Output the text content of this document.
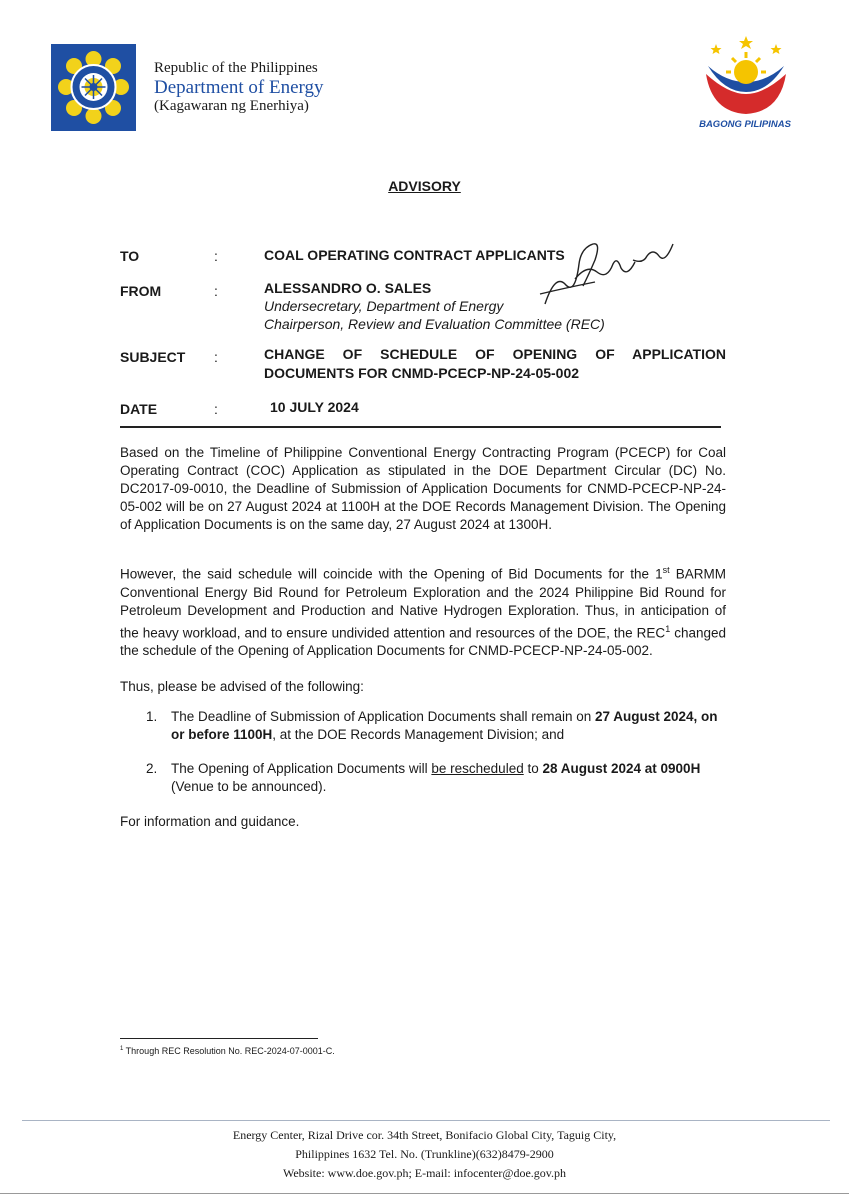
Republic of the Philippines
Department of Energy
(Kagawaran ng Enerhiya)
BAGONG PILIPINAS
ADVISORY
TO	:	COAL OPERATING CONTRACT APPLICANTS
FROM	:	ALESSANDRO O. SALES
Undersecretary, Department of Energy
Chairperson, Review and Evaluation Committee (REC)
SUBJECT :	CHANGE OF SCHEDULE OF OPENING OF APPLICATION
DOCUMENTS FOR CNMD-PCECP-NP-24-05-002
DATE	:	10 JULY 2024
Based on the Timeline of Philippine Conventional Energy Contracting Program (PCECP) for Coal Operating Contract (COC) Application as stipulated in the DOE Department Circular (DC) No. DC2017-09-0010, the Deadline of Submission of Application Documents for CNMD-PCECP-NP-24-05-002 will be on 27 August 2024 at 1100H at the DOE Records Management Division. The Opening of Application Documents is on the same day, 27 August 2024 at 1300H.
However, the said schedule will coincide with the Opening of Bid Documents for the 1st BARMM Conventional Energy Bid Round for Petroleum Exploration and the 2024 Philippine Bid Round for Petroleum Development and Production and Native Hydrogen Exploration. Thus, in anticipation of the heavy workload, and to ensure undivided attention and resources of the DOE, the REC$^1$ changed the schedule of the Opening of Application Documents for CNMD-PCECP-NP-24-05-002.
Thus, please be advised of the following:
1. The Deadline of Submission of Application Documents shall remain on 27 August 2024, on or before 1100H, at the DOE Records Management Division; and
2. The Opening of Application Documents will be rescheduled to 28 August 2024 at 0900H (Venue to be announced).
For information and guidance.
$^1$ Through REC Resolution No. REC-2024-07-0001-C.
Energy Center, Rizal Drive cor. 34th Street, Bonifacio Global City, Taguig City,
Philippines 1632 Tel. No. (Trunkline)(632)8479-2900
Website: www.doe.gov.ph; E-mail: infocenter@doe.gov.ph
